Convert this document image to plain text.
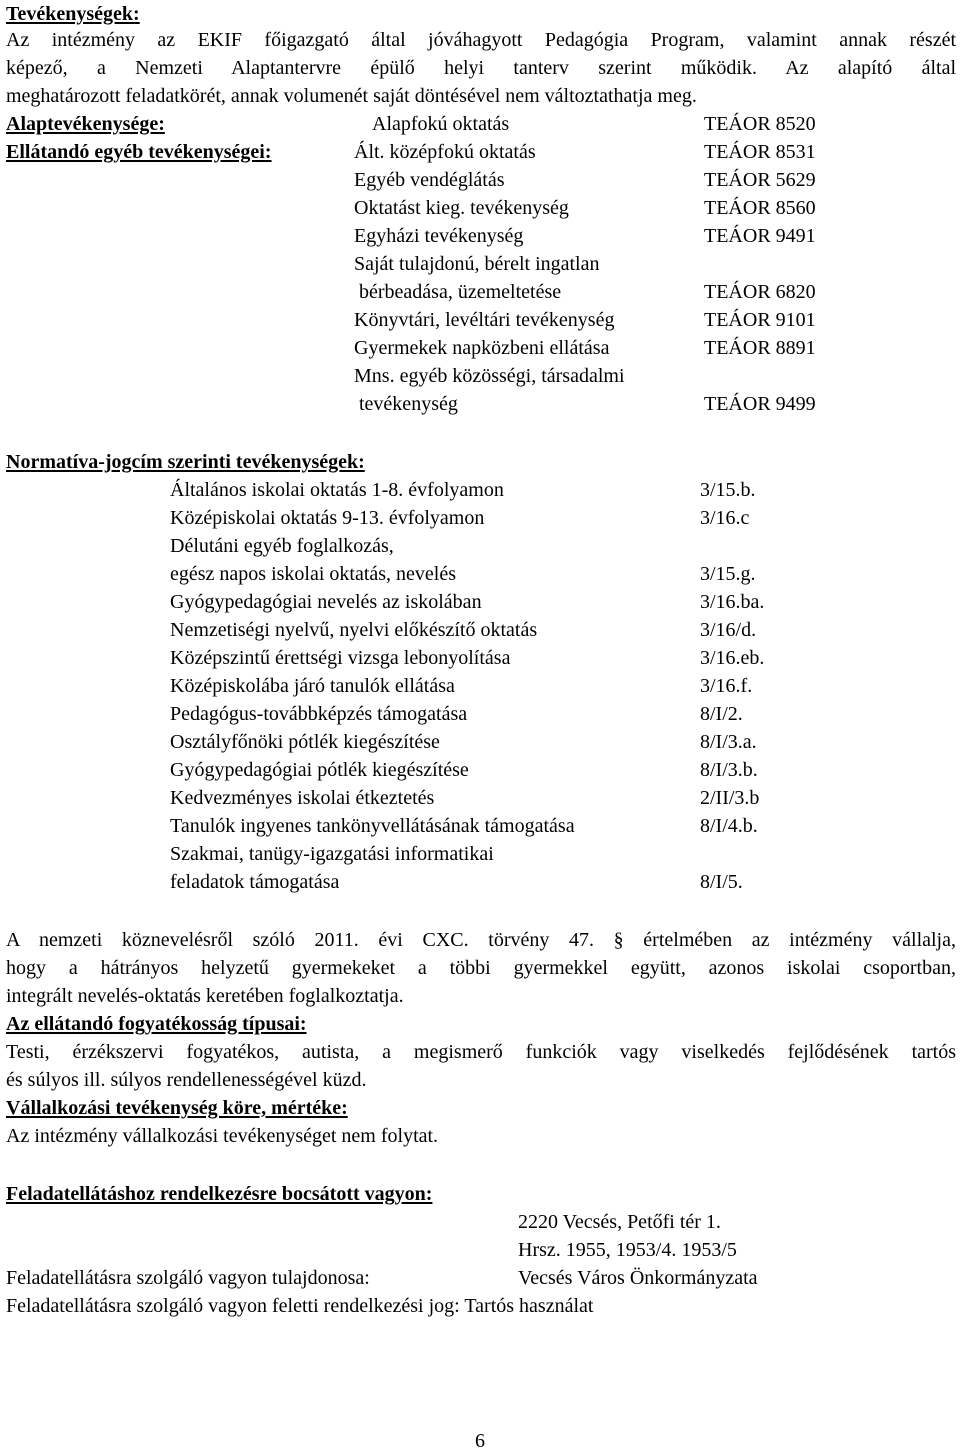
Tevékenységek:
Az intézmény az EKIF főigazgató által jóváhagyott Pedagógia Program, valamint annak részét
képező, a Nemzeti Alaptantervre épülő helyi tanterv szerint működik. Az alapító által
meghatározott feladatkörét, annak volumenét saját döntésével nem változtathatja meg.
Alaptevékenysége:	Alapfokú oktatás	TEÁOR 8520
Ellátandó egyéb tevékenységei:	Ált. középfokú oktatás	TEÁOR 8531
Egyéb vendéglátás	TEÁOR 5629
Oktatást kieg. tevékenység	TEÁOR 8560
Egyházi tevékenység	TEÁOR 9491
Saját tulajdonú, bérelt ingatlan
bérbeadása, üzemeltetése	TEÁOR 6820
Könyvtári, levéltári tevékenység	TEÁOR 9101
Gyermekek napközbeni ellátása	TEÁOR 8891
Mns. egyéb közösségi, társadalmi
tevékenység	TEÁOR 9499
Normatíva-jogcím szerinti tevékenységek:
Általános iskolai oktatás 1-8. évfolyamon	3/15.b.
Középiskolai oktatás 9-13. évfolyamon	3/16.c
Délutáni egyéb foglalkozás,
egész napos iskolai oktatás, nevelés	3/15.g.
Gyógypedagógiai nevelés az iskolában	3/16.ba.
Nemzetiségi nyelvű, nyelvi előkészítő oktatás	3/16/d.
Középszintű érettségi vizsga lebonyolítása	3/16.eb.
Középiskolába járó tanulók ellátása	3/16.f.
Pedagógus-továbbképzés támogatása	8/I/2.
Osztályfőnöki pótlék kiegészítése	8/I/3.a.
Gyógypedagógiai pótlék kiegészítése	8/I/3.b.
Kedvezményes iskolai étkeztetés	2/II/3.b
Tanulók ingyenes tankönyvellátásának támogatása	8/I/4.b.
Szakmai, tanügy-igazgatási informatikai
feladatok támogatása	8/I/5.
A nemzeti köznevelésről szóló 2011. évi CXC. törvény 47. § értelmében az intézmény vállalja,
hogy a hátrányos helyzetű gyermekeket a többi gyermekkel együtt, azonos iskolai csoportban,
integrált nevelés-oktatás keretében foglalkoztatja.
Az ellátandó fogyatékosság típusai:
Testi, érzékszervi fogyatékos, autista, a megismerő funkciók vagy viselkedés fejlődésének tartós
és súlyos ill. súlyos rendellenességével küzd.
Vállalkozási tevékenység köre, mértéke:
Az intézmény vállalkozási tevékenységet nem folytat.
Feladatellátáshoz rendelkezésre bocsátott vagyon:
2220 Vecsés, Petőfi tér 1.
Hrsz. 1955, 1953/4. 1953/5
Feladatellátásra szolgáló vagyon tulajdonosa:	Vecsés Város Önkormányzata
Feladatellátásra szolgáló vagyon feletti rendelkezési jog: Tartós használat
6
